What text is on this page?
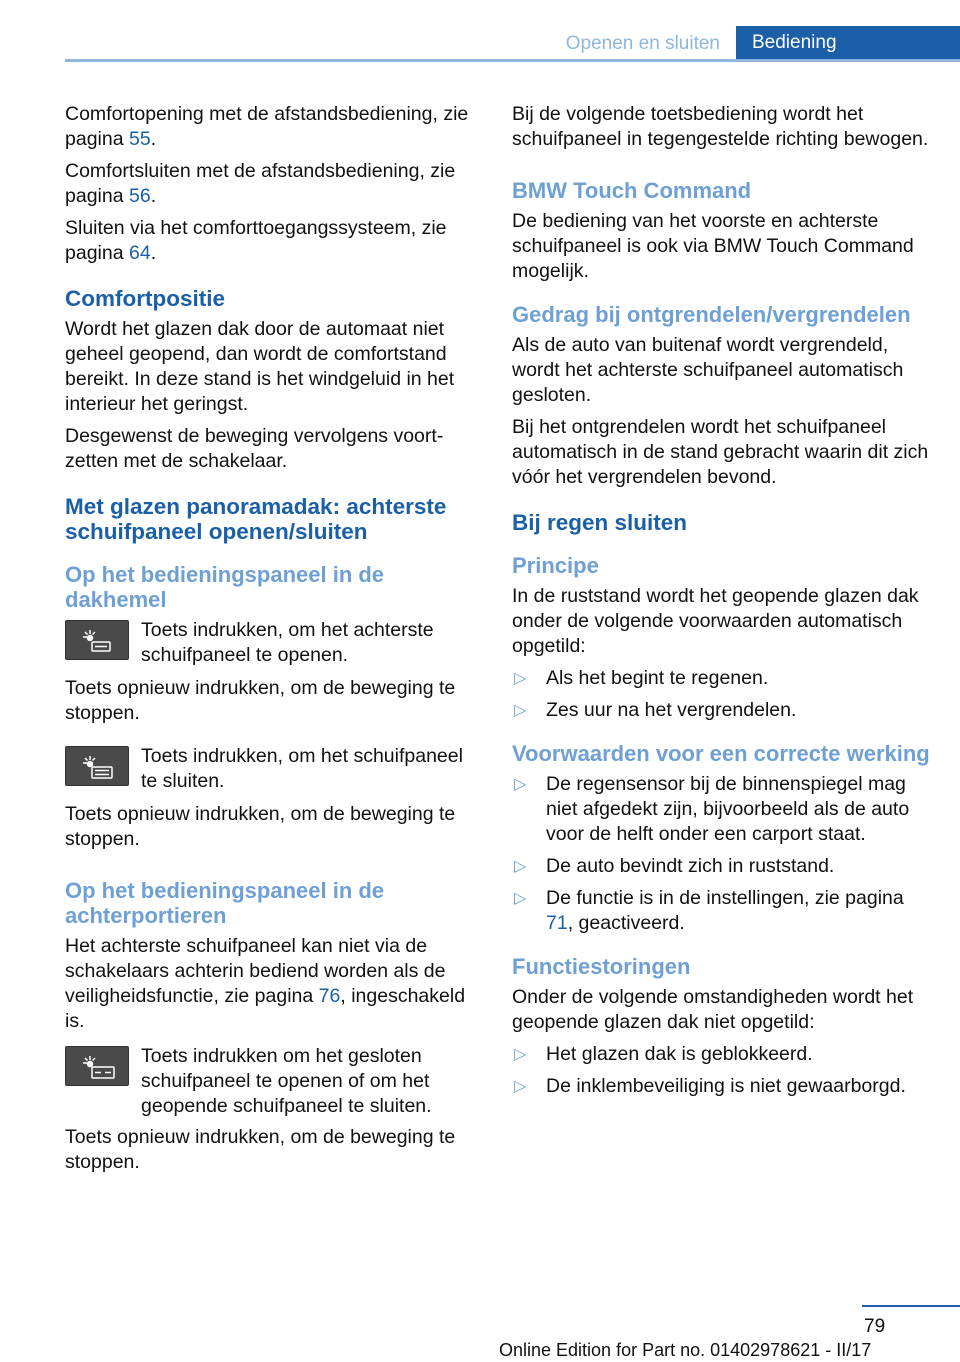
Openen en sluiten	Bediening

Comfortopening met de afstandsbediening, zie pagina 55.

Comfortsluiten met de afstandsbediening, zie pagina 56.

Sluiten via het comforttoegangssysteem, zie pagina 64.

Comfortpositie

Wordt het glazen dak door de automaat niet geheel geopend, dan wordt de comfortstand bereikt. In deze stand is het windgeluid in het interieur het geringst.

Desgewenst de beweging vervolgens voortzetten met de schakelaar.

Met glazen panoramadak: achterste schuifpaneel openen/sluiten
Op het bedieningspaneel in de dakhemel
Toets indrukken, om het achterste schuifpaneel te openen.

Toets opnieuw indrukken, om de beweging te stoppen.

Toets indrukken, om het schuifpaneel te sluiten.

Toets opnieuw indrukken, om de beweging te stoppen.

Op het bedieningspaneel in de achterportieren

Het achterste schuifpaneel kan niet via de schakelaars achterin bediend worden als de veiligheidsfunctie, zie pagina 76, ingeschakeld is.

Toets indrukken om het gesloten schuifpaneel te openen of om het geopende schuifpaneel te sluiten.

Toets opnieuw indrukken, om de beweging te stoppen.

Bij de volgende toetsbediening wordt het schuifpaneel in tegengestelde richting bewogen.

BMW Touch Command

De bediening van het voorste en achterste schuifpaneel is ook via BMW Touch Command mogelijk.

Gedrag bij ontgrendelen/vergrendelen

Als de auto van buitenaf wordt vergrendeld, wordt het achterste schuifpaneel automatisch gesloten.

Bij het ontgrendelen wordt het schuifpaneel automatisch in de stand gebracht waarin dit zich vóór het vergrendelen bevond.

Bij regen sluiten
Principe

In de ruststand wordt het geopende glazen dak onder de volgende voorwaarden automatisch opgetild:

▷ Als het begint te regenen.
▷ Zes uur na het vergrendelen.
Voorwaarden voor een correcte werking
▷ De regensensor bij de binnenspiegel mag niet afgedekt zijn, bijvoorbeeld als de auto voor de helft onder een carport staat.
▷ De auto bevindt zich in ruststand.
▷ De functie is in de instellingen, zie pagina 71, geactiveerd.
Functiestoringen

Onder de volgende omstandigheden wordt het geopende glazen dak niet opgetild:

▷ Het glazen dak is geblokkeerd.
▷ De inklembeveiliging is niet gewaarborgd.
79
Online Edition for Part no. 01402978621 - II/17
